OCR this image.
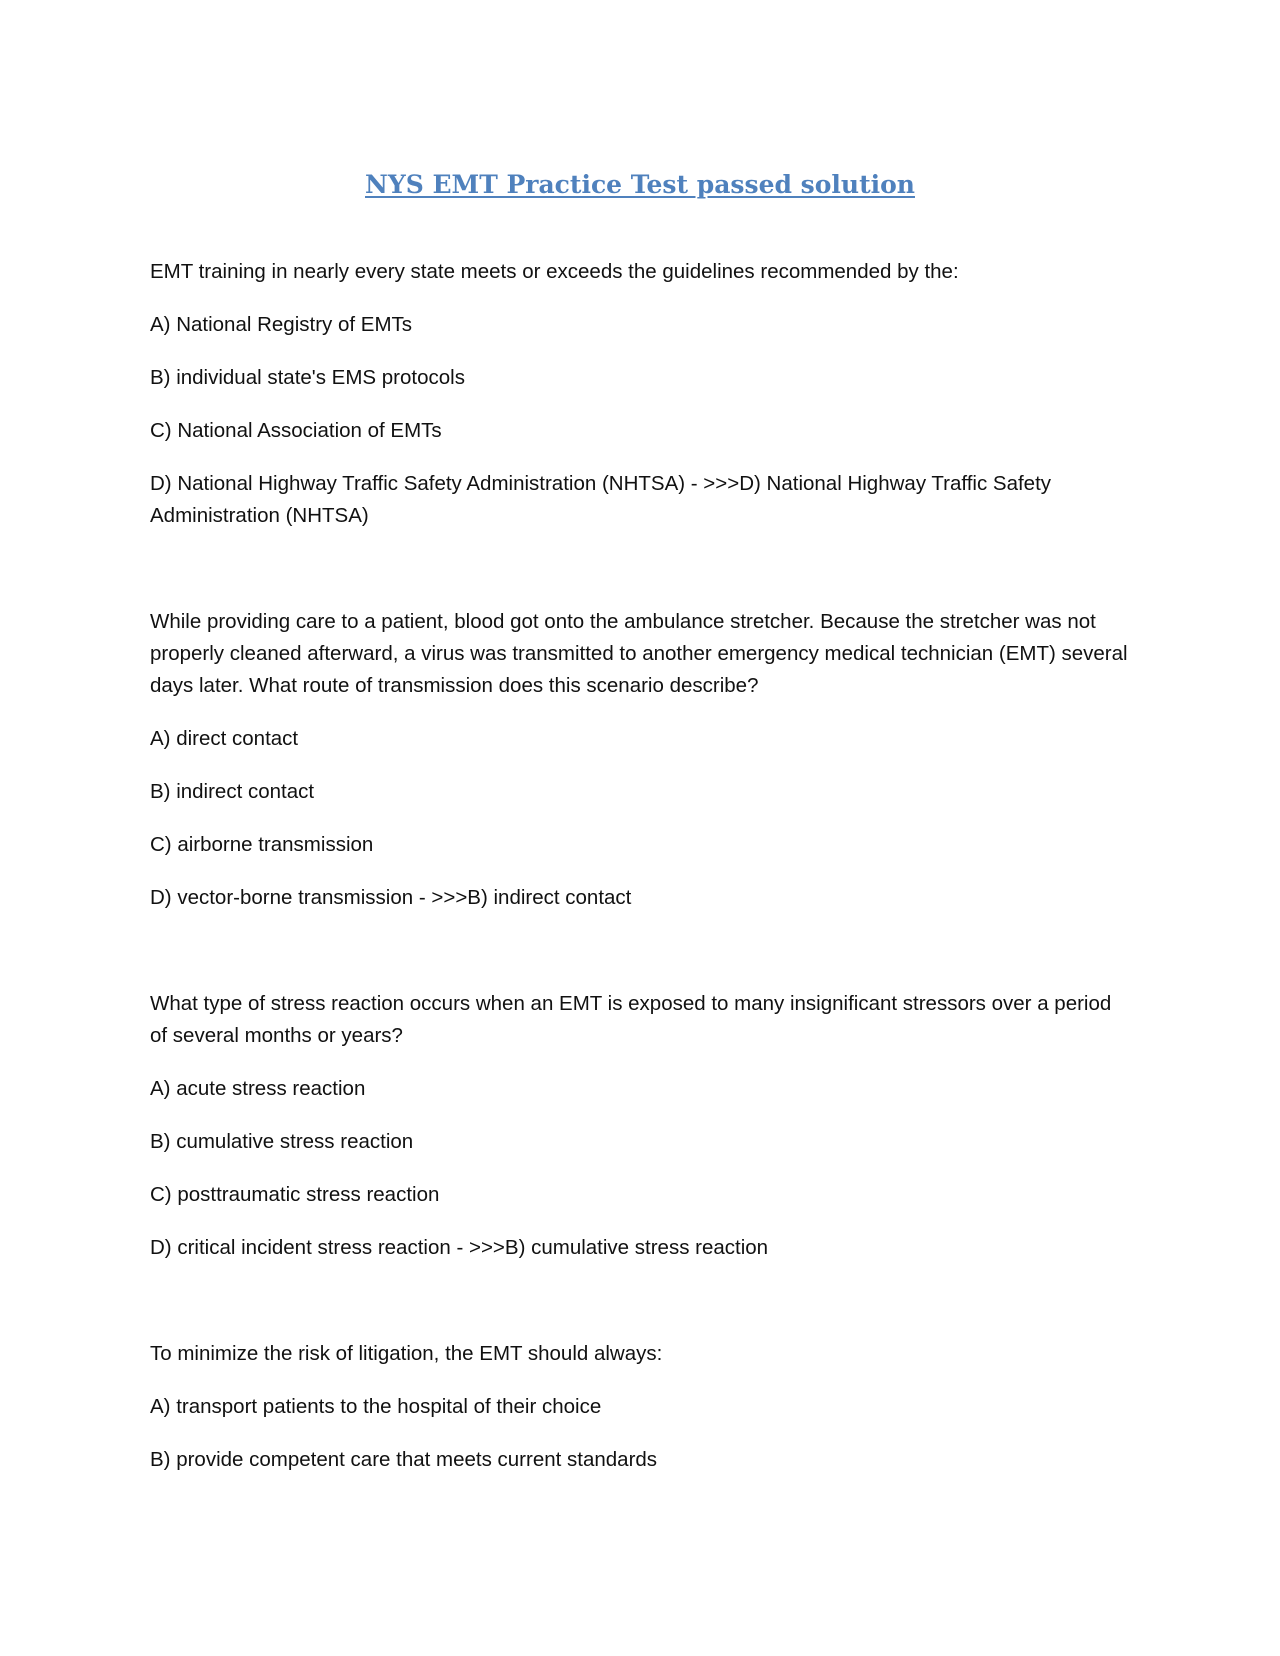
NYS EMT Practice Test passed solution

EMT training in nearly every state meets or exceeds the guidelines recommended by the:

A) National Registry of EMTs

B) individual state's EMS protocols

C) National Association of EMTs

D) National Highway Traffic Safety Administration (NHTSA) - >>>D) National Highway Traffic Safety Administration (NHTSA)

While providing care to a patient, blood got onto the ambulance stretcher. Because the stretcher was not properly cleaned afterward, a virus was transmitted to another emergency medical technician (EMT) several days later. What route of transmission does this scenario describe?

A) direct contact

B) indirect contact

C) airborne transmission

D) vector-borne transmission - >>>B) indirect contact

What type of stress reaction occurs when an EMT is exposed to many insignificant stressors over a period of several months or years?

A) acute stress reaction

B) cumulative stress reaction

C) posttraumatic stress reaction

D) critical incident stress reaction - >>>B) cumulative stress reaction

To minimize the risk of litigation, the EMT should always:

A) transport patients to the hospital of their choice

B) provide competent care that meets current standards
